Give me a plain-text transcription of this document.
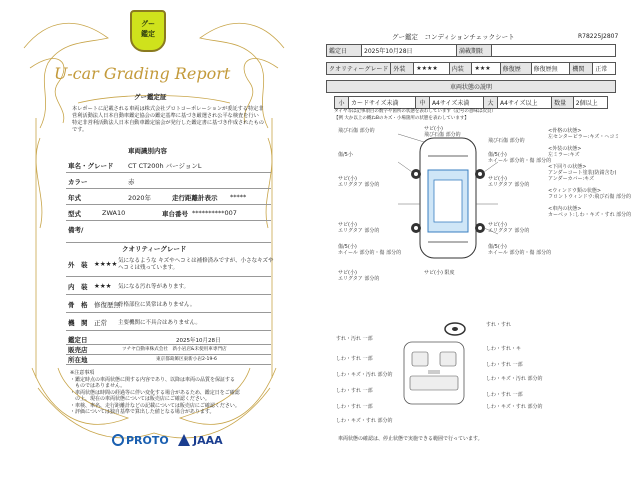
グー
鑑定
U-car Grading Report
グー鑑定証
本レポートに記載される車両は株式会社プロトコーポレーションが委託する特定非
営利活動法人日本自動車鑑定協会の鑑定基準に基づき厳選され公平な検査を行い
特定非営利活動法人日本自動車鑑定協会が発行した鑑定書に基づき作成されたもの
です。
車両識別内容
車名・グレード CT CT200h バージョンL
カラー	赤
年式	2020年	走行距離計表示 *****
型式	ZWA10	車台番号 **********007
備考/
クオリティーグレード
外　装 ★★★★ 気になるような キズやヘコミは補修済みですが、小さなキズや
ヘコミは残っています。
内　装 ★★★ 気になる汚れ等があります。
骨　格 修復歴無
骨格部位に異常はありません。
機　関 正常 主要機関に不具合はありません。
鑑定日	2025年10月28日
販売店	ツチヤ自動車株式会社　新小岩店&未使用車専門店
所在地	東京都葛飾区東新小岩2-19-6
※注意事項
・鑑定時点の車両状態に関する内容であり、以降は車両の品質を保証する
　ものではありません。
・車両状態は時間の経過等に伴い変化する場合があるため、鑑定日をご確認
　の上、現在の車両状態については販売店にご確認ください。
・車検、車名、走行距離計などの記載については販売店にご確認ください。
・評価については独自基準で算出した値となる場合があります。
PROTO JAAA
R78225J2807
グー鑑定　コンディションチェックシート
鑑定日	2025年10月28日	満載期限	
クオリティーグレード	外装	★★★★	内装	★★★	修復歴	修復歴無	機関	正常
車両状態の説明
小	カードサイズ未満	中	A4サイズ未満	大	A4サイズ以上	数量	2個以上
タイヤ等は記事項目の数字や箇所の状態を表わしています（記号の意味は次頁）
【例 大か以上の概ねBのキズ・小場箇所の状態を表わしています】
飛び石傷 部分的
傷/5小
サビ(小)
エリグタア 部分的
サビ(小)
エリグタア 部分的
傷/5(小)
ホイール 部分的・傷 部分的
サビ(小)
エリグタア 部分的
サビ(小)
飛び石傷 部分的
サビ(小) 限度
飛び石傷 部分的
傷/5(小)
ホイール 部分的・傷 部分的
サビ(小)
エリグタア 部分的
サビ(小)
エリグタア 部分的
傷/5(小)
ホイール 部分的・傷 部分的
<骨格の状態>
左センターピラー:キズ・ヘコミ
<外装の状態>
左ミラー:キズ
<下回りの状態>
アンダーコート塗装(防錆含む)
アンダーカバー:キズ
<ウィンドウ類の状態>
フロントウィンドウ:飛び石傷 部分的
<車内の状態>
カーペット:しわ・キズ・すれ 部分的
すれ・汚れ 一部
しわ・すれ 一部
しわ・キズ・汚れ 部分的
しわ・すれ 一部
しわ・すれ 一部
しわ・キズ・すれ 部分的
すれ・すれ
しわ・すれ・キ
しわ・すれ 一部
しわ・キズ・汚れ 部分的
しわ・すれ 一部
しわ・キズ・すれ 部分的
車両状態の確認は、停止状態で実施できる範囲で行っています。
